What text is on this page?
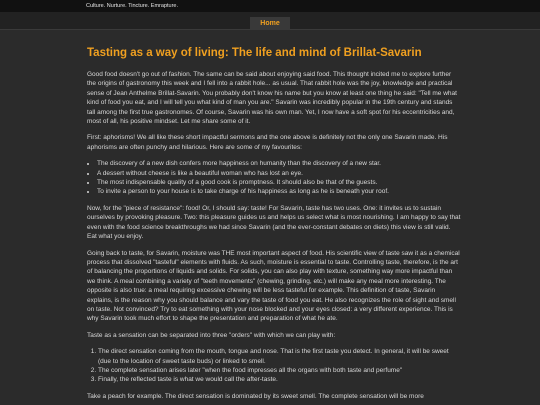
Culture. Nurture. Tincture. Emrapture.
Home
Tasting as a way of living: The life and mind of Brillat-Savarin

Good food doesn't go out of fashion. The same can be said about enjoying said food. This thought incited me to explore further the origins of gastronomy this week and I fell into a rabbit hole... as usual. That rabbit hole was the joy, knowledge and practical sense of Jean Anthelme Brillat-Savarin. You probably don't know his name but you know at least one thing he said: "Tell me what kind of food you eat, and I will tell you what kind of man you are." Savarin was incredibly popular in the 19th century and stands tall among the first true gastronomes. Of course, Savarin was his own man. Yet, I now have a soft spot for his eccentricities and, most of all, his positive mindset. Let me share some of it.

First: aphorisms! We all like these short impactful sermons and the one above is definitely not the only one Savarin made. His aphorisms are often punchy and hilarious. Here are some of my favourites:

• The discovery of a new dish confers more happiness on humanity than the discovery of a new star.
• A dessert without cheese is like a beautiful woman who has lost an eye.
• The most indispensable quality of a good cook is promptness. It should also be that of the guests.
• To invite a person to your house is to take charge of his happiness as long as he is beneath your roof.

Now, for the "piece of resistance": food! Or, I should say: taste! For Savarin, taste has two uses. One: it invites us to sustain ourselves by provoking pleasure. Two: this pleasure guides us and helps us select what is most nourishing. I am happy to say that even with the food science breakthroughs we had since Savarin (and the ever-constant debates on diets) this view is still valid. Eat what you enjoy.

Going back to taste, for Savarin, moisture was THE most important aspect of food. His scientific view of taste saw it as a chemical process that dissolved "tasteful" elements with fluids. As such, moisture is essential to taste. Controlling taste, therefore, is the art of balancing the proportions of liquids and solids. For solids, you can also play with texture, something way more impactful than we think. A meal combining a variety of "teeth movements" (chewing, grinding, etc.) will make any meal more interesting. The opposite is also true: a meal requiring excessive chewing will be less tasteful for example. This definition of taste, Savarin explains, is the reason why you should balance and vary the taste of food you eat. He also recognizes the role of sight and smell on taste. Not convinced? Try to eat something with your nose blocked and your eyes closed: a very different experience. This is why Savarin took much effort to shape the presentation and preparation of what he ate.

Taste as a sensation can be separated into three "orders" with which we can play with:

1. The direct sensation coming from the mouth, tongue and nose. That is the first taste you detect. In general, it will be sweet (due to the location of sweet taste buds) or linked to smell.
2. The complete sensation arises later "when the food impresses all the organs with both taste and perfume"
3. Finally, the reflected taste is what we would call the after-taste.

Take a peach for example. The direct sensation is dominated by its sweet smell. The complete sensation will be more
